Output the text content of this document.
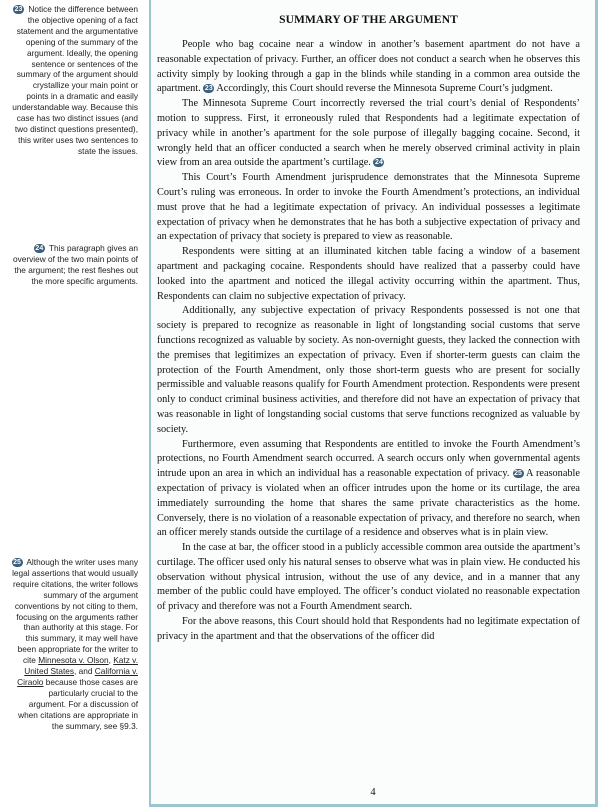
23 Notice the difference between the objective opening of a fact statement and the argumentative opening of the summary of the argument. Ideally, the opening sentence or sentences of the summary of the argument should crystallize your main point or points in a dramatic and easily understandable way. Because this case has two distinct issues (and two distinct questions presented), this writer uses two sentences to state the issues.
24 This paragraph gives an overview of the two main points of the argument; the rest fleshes out the more specific arguments.
25 Although the writer uses many legal assertions that would usually require citations, the writer follows summary of the argument conventions by not citing to them, focusing on the arguments rather than authority at this stage. For this summary, it may well have been appropriate for the writer to cite Minnesota v. Olson, Katz v. United States, and California v. Ciraolo because those cases are particularly crucial to the argument. For a discussion of when citations are appropriate in the summary, see §9.3.
SUMMARY OF THE ARGUMENT

People who bag cocaine near a window in another’s basement apartment do not have a reasonable expectation of privacy. Further, an officer does not conduct a search when he observes this activity simply by looking through a gap in the blinds while standing in a common area outside the apartment. 23 Accordingly, this Court should reverse the Minnesota Supreme Court’s judgment.

The Minnesota Supreme Court incorrectly reversed the trial court’s denial of Respondents’ motion to suppress. First, it erroneously ruled that Respondents had a legitimate expectation of privacy while in another’s apartment for the sole purpose of illegally bagging cocaine. Second, it wrongly held that an officer conducted a search when he merely observed criminal activity in plain view from an area outside the apartment’s curtilage. 24

This Court’s Fourth Amendment jurisprudence demonstrates that the Minnesota Supreme Court’s ruling was erroneous. In order to invoke the Fourth Amendment’s protections, an individual must prove that he had a legitimate expectation of privacy. An individual possesses a legitimate expectation of privacy when he demonstrates that he has both a subjective expectation of privacy and an expectation of privacy that society is prepared to view as reasonable.

Respondents were sitting at an illuminated kitchen table facing a window of a basement apartment and packaging cocaine. Respondents should have realized that a passerby could have looked into the apartment and noticed the illegal activity occurring within the apartment. Thus, Respondents can claim no subjective expectation of privacy.

Additionally, any subjective expectation of privacy Respondents possessed is not one that society is prepared to recognize as reasonable in light of longstanding social customs that serve functions recognized as valuable by society. As non-overnight guests, they lacked the connection with the premises that legitimizes an expectation of privacy. Even if shorter-term guests can claim the protection of the Fourth Amendment, only those short-term guests who are present for socially permissible and valuable reasons qualify for Fourth Amendment protection. Respondents were present only to conduct criminal business activities, and therefore did not have an expectation of privacy that was reasonable in light of longstanding social customs that serve functions recognized as valuable by society.

Furthermore, even assuming that Respondents are entitled to invoke the Fourth Amendment’s protections, no Fourth Amendment search occurred. A search occurs only when governmental agents intrude upon an area in which an individual has a reasonable expectation of privacy. 25 A reasonable expectation of privacy is violated when an officer intrudes upon the home or its curtilage, the area immediately surrounding the home that shares the same private characteristics as the home. Conversely, there is no violation of a reasonable expectation of privacy, and therefore no search, when an officer merely stands outside the curtilage of a residence and observes what is in plain view.

In the case at bar, the officer stood in a publicly accessible common area outside the apartment’s curtilage. The officer used only his natural senses to observe what was in plain view. He conducted his observation without physical intrusion, without the use of any device, and in a manner that any member of the public could have employed. The officer’s conduct violated no reasonable expectation of privacy and therefore was not a Fourth Amendment search.

For the above reasons, this Court should hold that Respondents had no legitimate expectation of privacy in the apartment and that the observations of the officer did

4
